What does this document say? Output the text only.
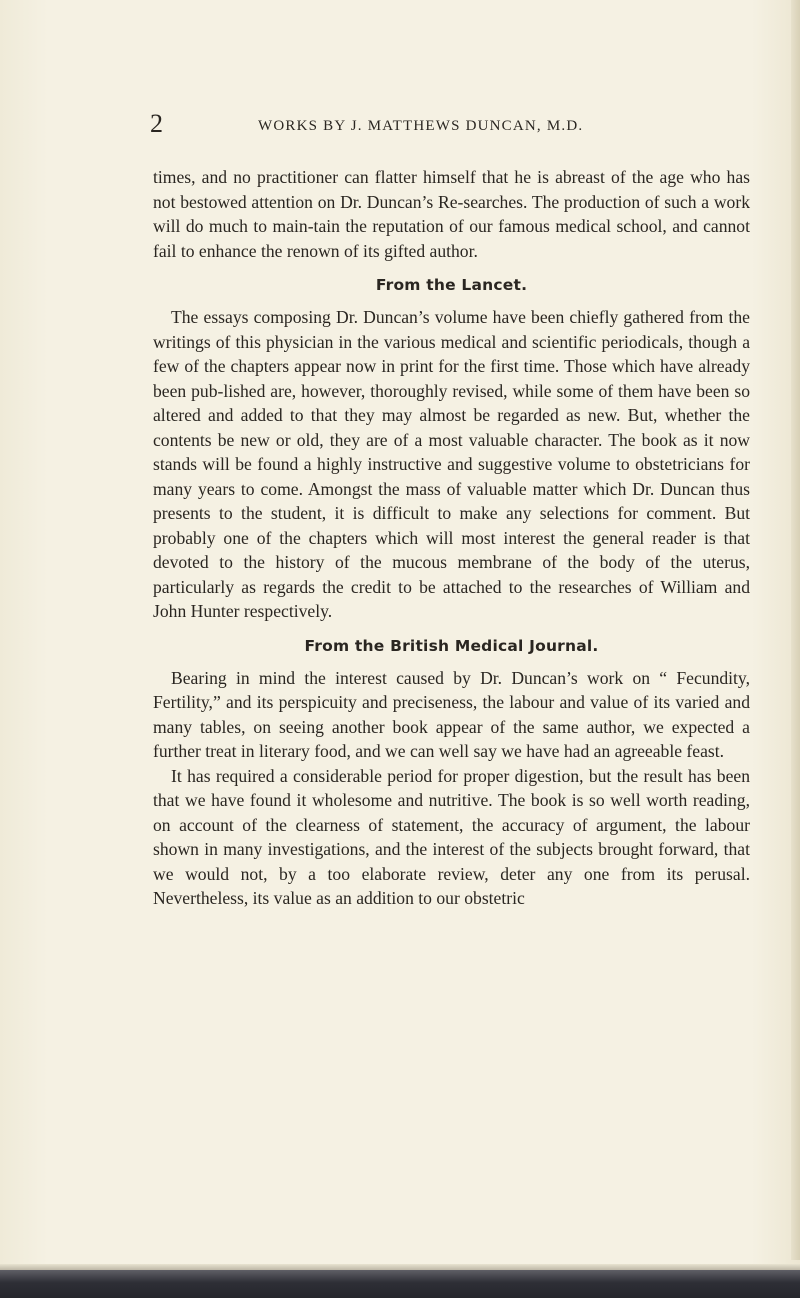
2	WORKS BY J. MATTHEWS DUNCAN, M.D.

times, and no practitioner can flatter himself that he is abreast of the age who has not bestowed attention on Dr. Duncan’s Re-searches. The production of such a work will do much to main-tain the reputation of our famous medical school, and cannot fail to enhance the renown of its gifted author.

From the Lancet.

The essays composing Dr. Duncan’s volume have been chiefly gathered from the writings of this physician in the various medical and scientific periodicals, though a few of the chapters appear now in print for the first time. Those which have already been pub-lished are, however, thoroughly revised, while some of them have been so altered and added to that they may almost be regarded as new. But, whether the contents be new or old, they are of a most valuable character. The book as it now stands will be found a highly instructive and suggestive volume to obstetricians for many years to come. Amongst the mass of valuable matter which Dr. Duncan thus presents to the student, it is difficult to make any selections for comment. But probably one of the chapters which will most interest the general reader is that devoted to the history of the mucous membrane of the body of the uterus, particularly as regards the credit to be attached to the researches of William and John Hunter respectively.

From the British Medical Journal.

Bearing in mind the interest caused by Dr. Duncan’s work on “ Fecundity, Fertility,” and its perspicuity and preciseness, the labour and value of its varied and many tables, on seeing another book appear of the same author, we expected a further treat in literary food, and we can well say we have had an agreeable feast.

It has required a considerable period for proper digestion, but the result has been that we have found it wholesome and nutritive. The book is so well worth reading, on account of the clearness of statement, the accuracy of argument, the labour shown in many investigations, and the interest of the subjects brought forward, that we would not, by a too elaborate review, deter any one from its perusal. Nevertheless, its value as an addition to our obstetric
